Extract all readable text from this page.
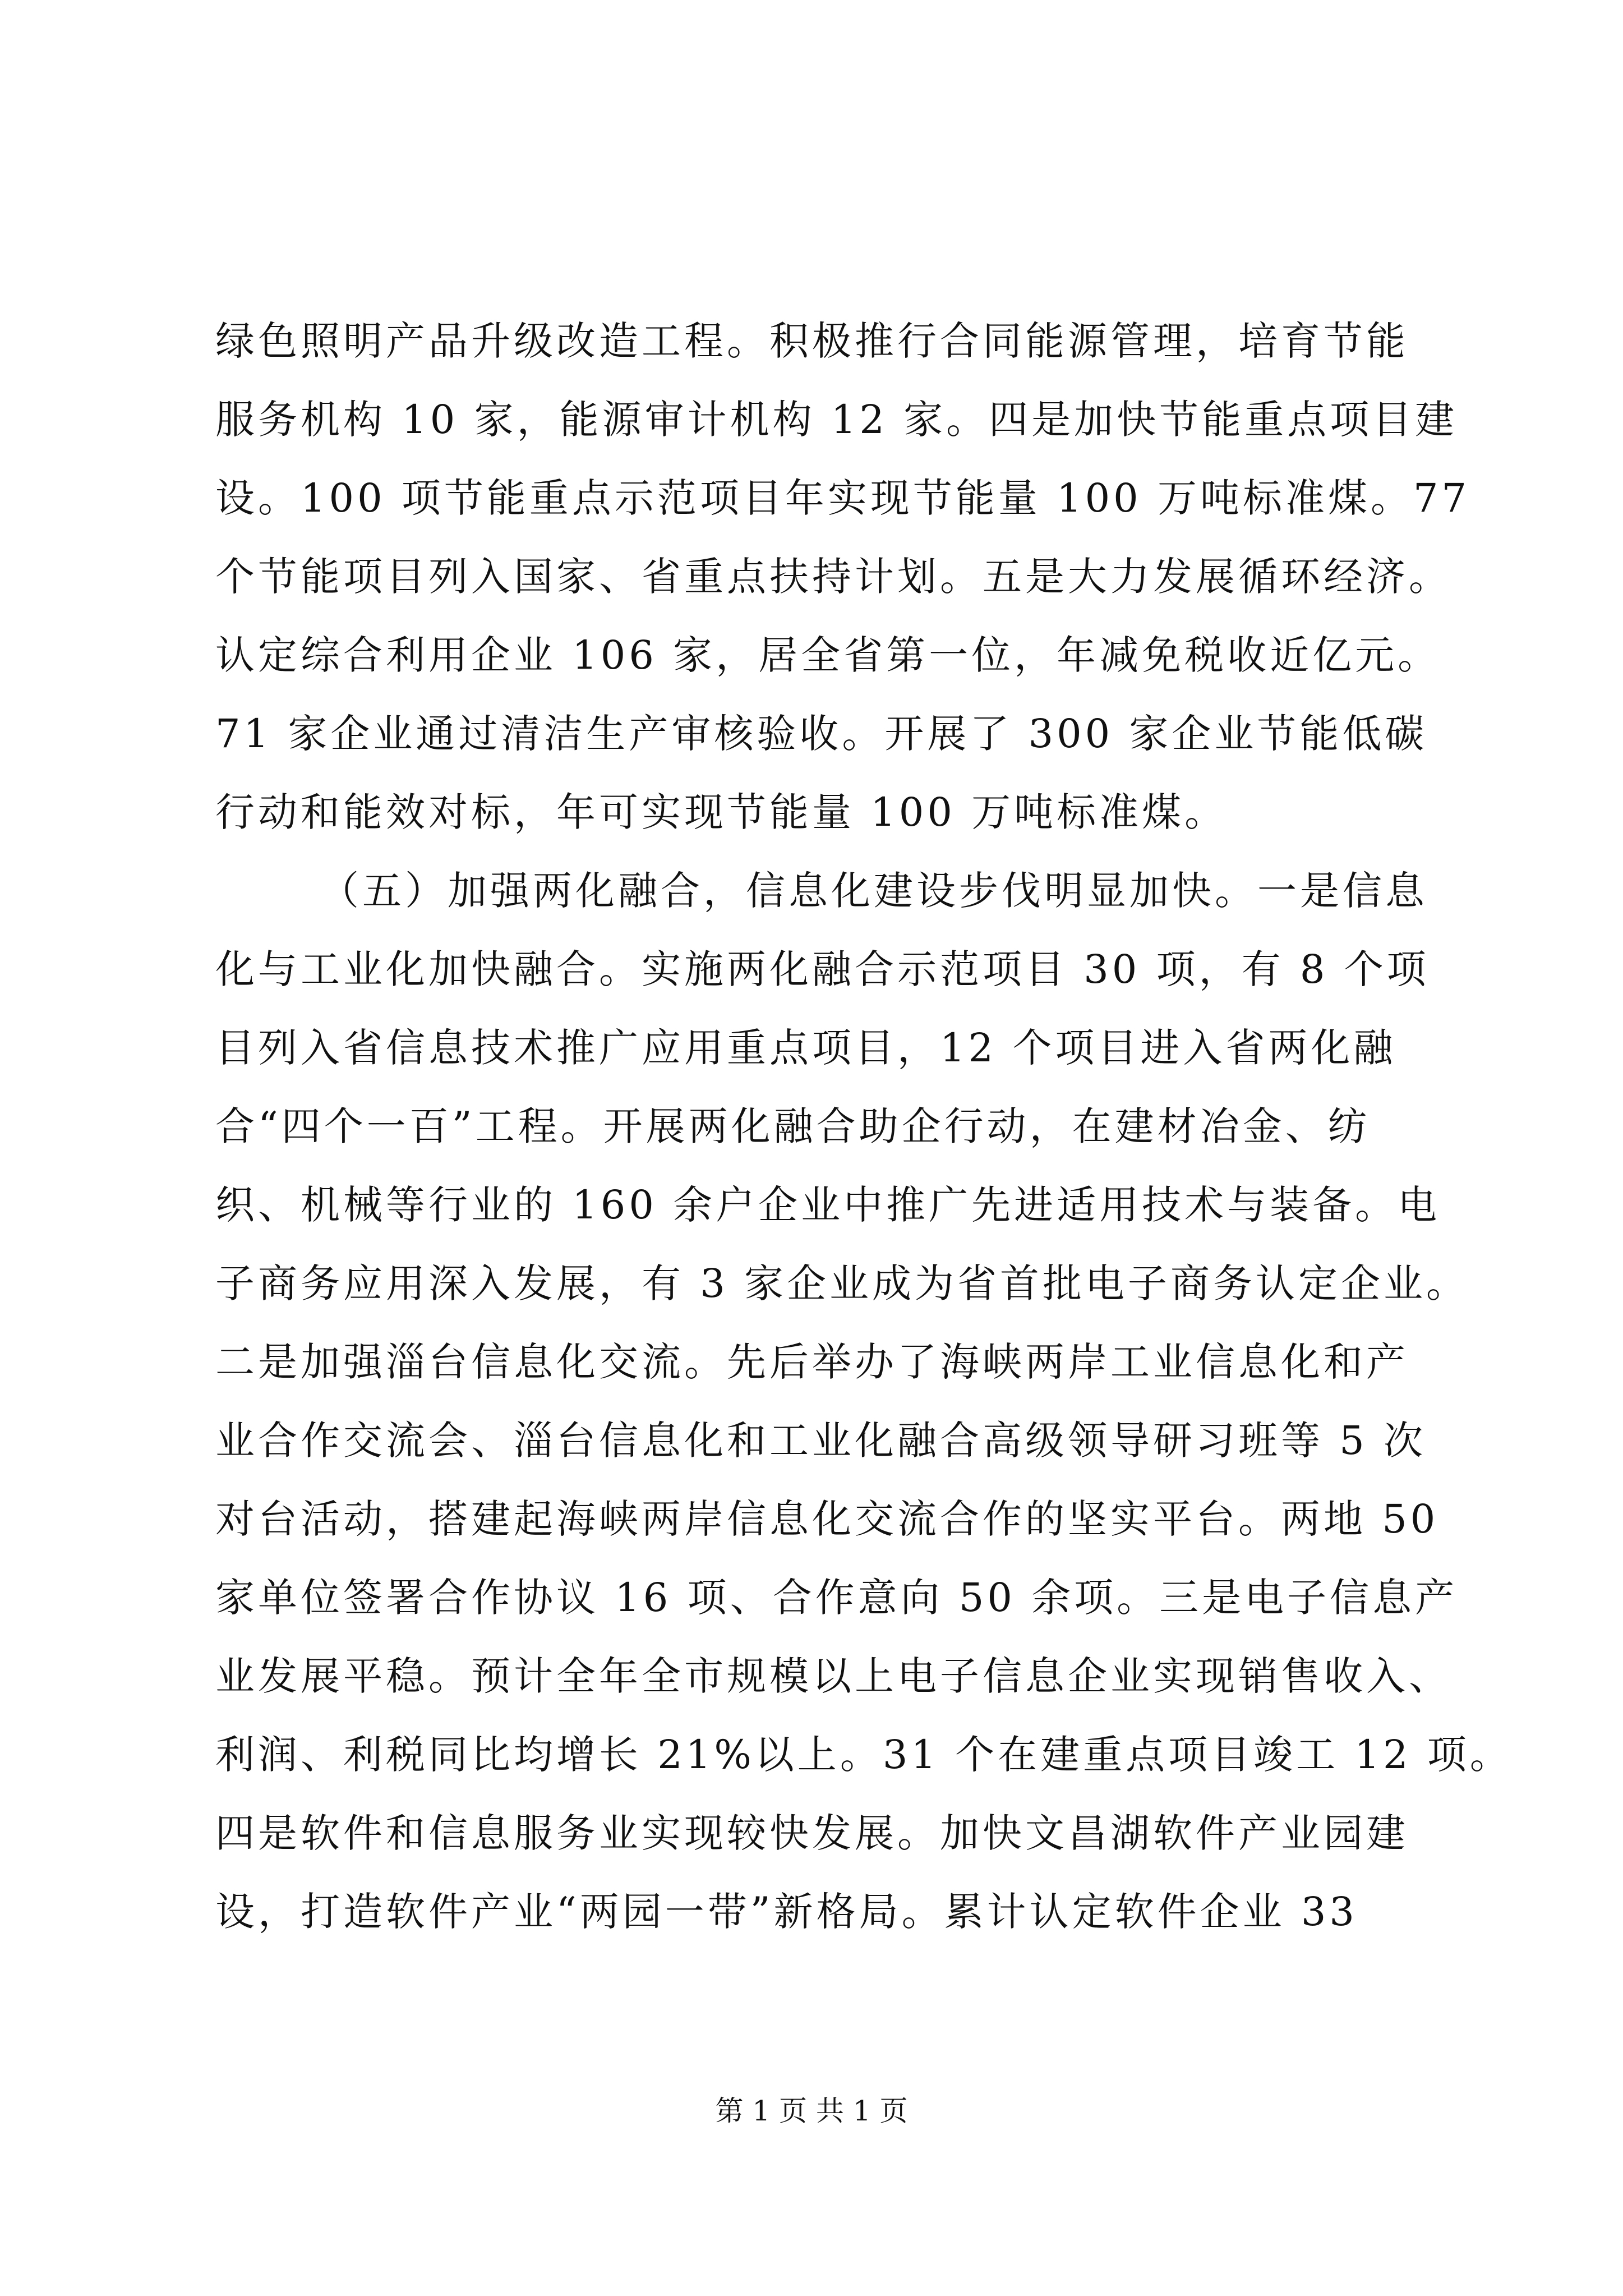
绿色照明产品升级改造工程。积极推行合同能源管理，培育节能
服务机构 10 家，能源审计机构 12 家。四是加快节能重点项目建
设。100 项节能重点示范项目年实现节能量 100 万吨标准煤。77
个节能项目列入国家、省重点扶持计划。五是大力发展循环经济。
认定综合利用企业 106 家，居全省第一位，年减免税收近亿元。
71 家企业通过清洁生产审核验收。开展了 300 家企业节能低碳
行动和能效对标，年可实现节能量 100 万吨标准煤。
（五）加强两化融合，信息化建设步伐明显加快。一是信息
化与工业化加快融合。实施两化融合示范项目 30 项，有 8 个项
目列入省信息技术推广应用重点项目，12 个项目进入省两化融
合“四个一百”工程。开展两化融合助企行动，在建材冶金、纺
织、机械等行业的 160 余户企业中推广先进适用技术与装备。电
子商务应用深入发展，有 3 家企业成为省首批电子商务认定企业。
二是加强淄台信息化交流。先后举办了海峡两岸工业信息化和产
业合作交流会、淄台信息化和工业化融合高级领导研习班等 5 次
对台活动，搭建起海峡两岸信息化交流合作的坚实平台。两地 50
家单位签署合作协议 16 项、合作意向 50 余项。三是电子信息产
业发展平稳。预计全年全市规模以上电子信息企业实现销售收入、
利润、利税同比均增长 21%以上。31 个在建重点项目竣工 12 项。
四是软件和信息服务业实现较快发展。加快文昌湖软件产业园建
设，打造软件产业“两园一带”新格局。累计认定软件企业 33
第 1 页 共 1 页
